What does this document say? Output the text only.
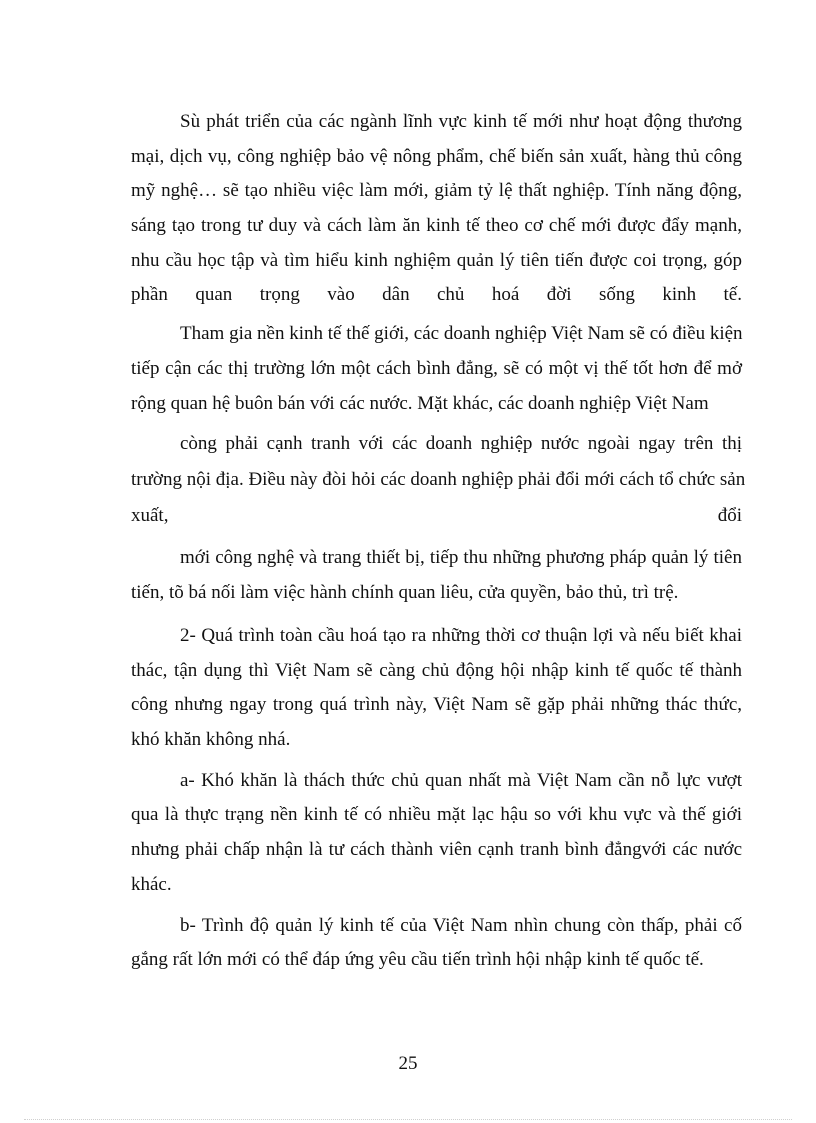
Sù phát triển của các ngành lĩnh vực kinh tế mới như hoạt động thương
mại, dịch vụ, công nghiệp bảo vệ nông phẩm, chế biến sản xuất, hàng thủ công
mỹ nghệ… sẽ tạo nhiều việc làm mới, giảm tỷ lệ thất nghiệp. Tính năng động,
sáng tạo trong tư duy và cách làm ăn kinh tế theo cơ chế mới được đẩy mạnh,
nhu cầu học tập và tìm hiểu kinh nghiệm quản lý tiên tiến được coi trọng, góp
phần quan trọng vào dân chủ hoá đời sống kinh tế.
Tham gia nền kinh tế thế giới, các doanh nghiệp Việt Nam sẽ có điều kiện
tiếp cận các thị trường lớn một cách bình đẳng, sẽ có một vị thế tốt hơn để mở
rộng quan hệ buôn bán với các nước. Mặt khác, các doanh nghiệp Việt Nam
còng phải cạnh tranh với các doanh nghiệp nước ngoài ngay trên thị
trường nội địa. Điều này đòi hỏi các doanh nghiệp phải đổi mới cách tổ chức sản
xuất, đổi
mới công nghệ và trang thiết bị, tiếp thu những phương pháp quản lý tiên
tiến, tõ bá nối làm việc hành chính quan liêu, cửa quyền, bảo thủ, trì trệ.
2- Quá trình toàn cầu hoá tạo ra những thời cơ thuận lợi và nếu biết khai
thác, tận dụng thì Việt Nam sẽ càng chủ động hội nhập kinh tế quốc tế thành
công nhưng ngay trong quá trình này, Việt Nam sẽ gặp phải những thác thức,
khó khăn không nhá.
a- Khó khăn là thách thức chủ quan nhất mà Việt Nam cần nỗ lực vượt
qua là thực trạng nền kinh tế có nhiều mặt lạc hậu so với khu vực và thế giới
nhưng phải chấp nhận là tư cách thành viên cạnh tranh bình đẳngvới các nước
khác.
b- Trình độ quản lý kinh tế của Việt Nam nhìn chung còn thấp, phải cố
gắng rất lớn mới có thể đáp ứng yêu cầu tiến trình hội nhập kinh tế quốc tế.
25
